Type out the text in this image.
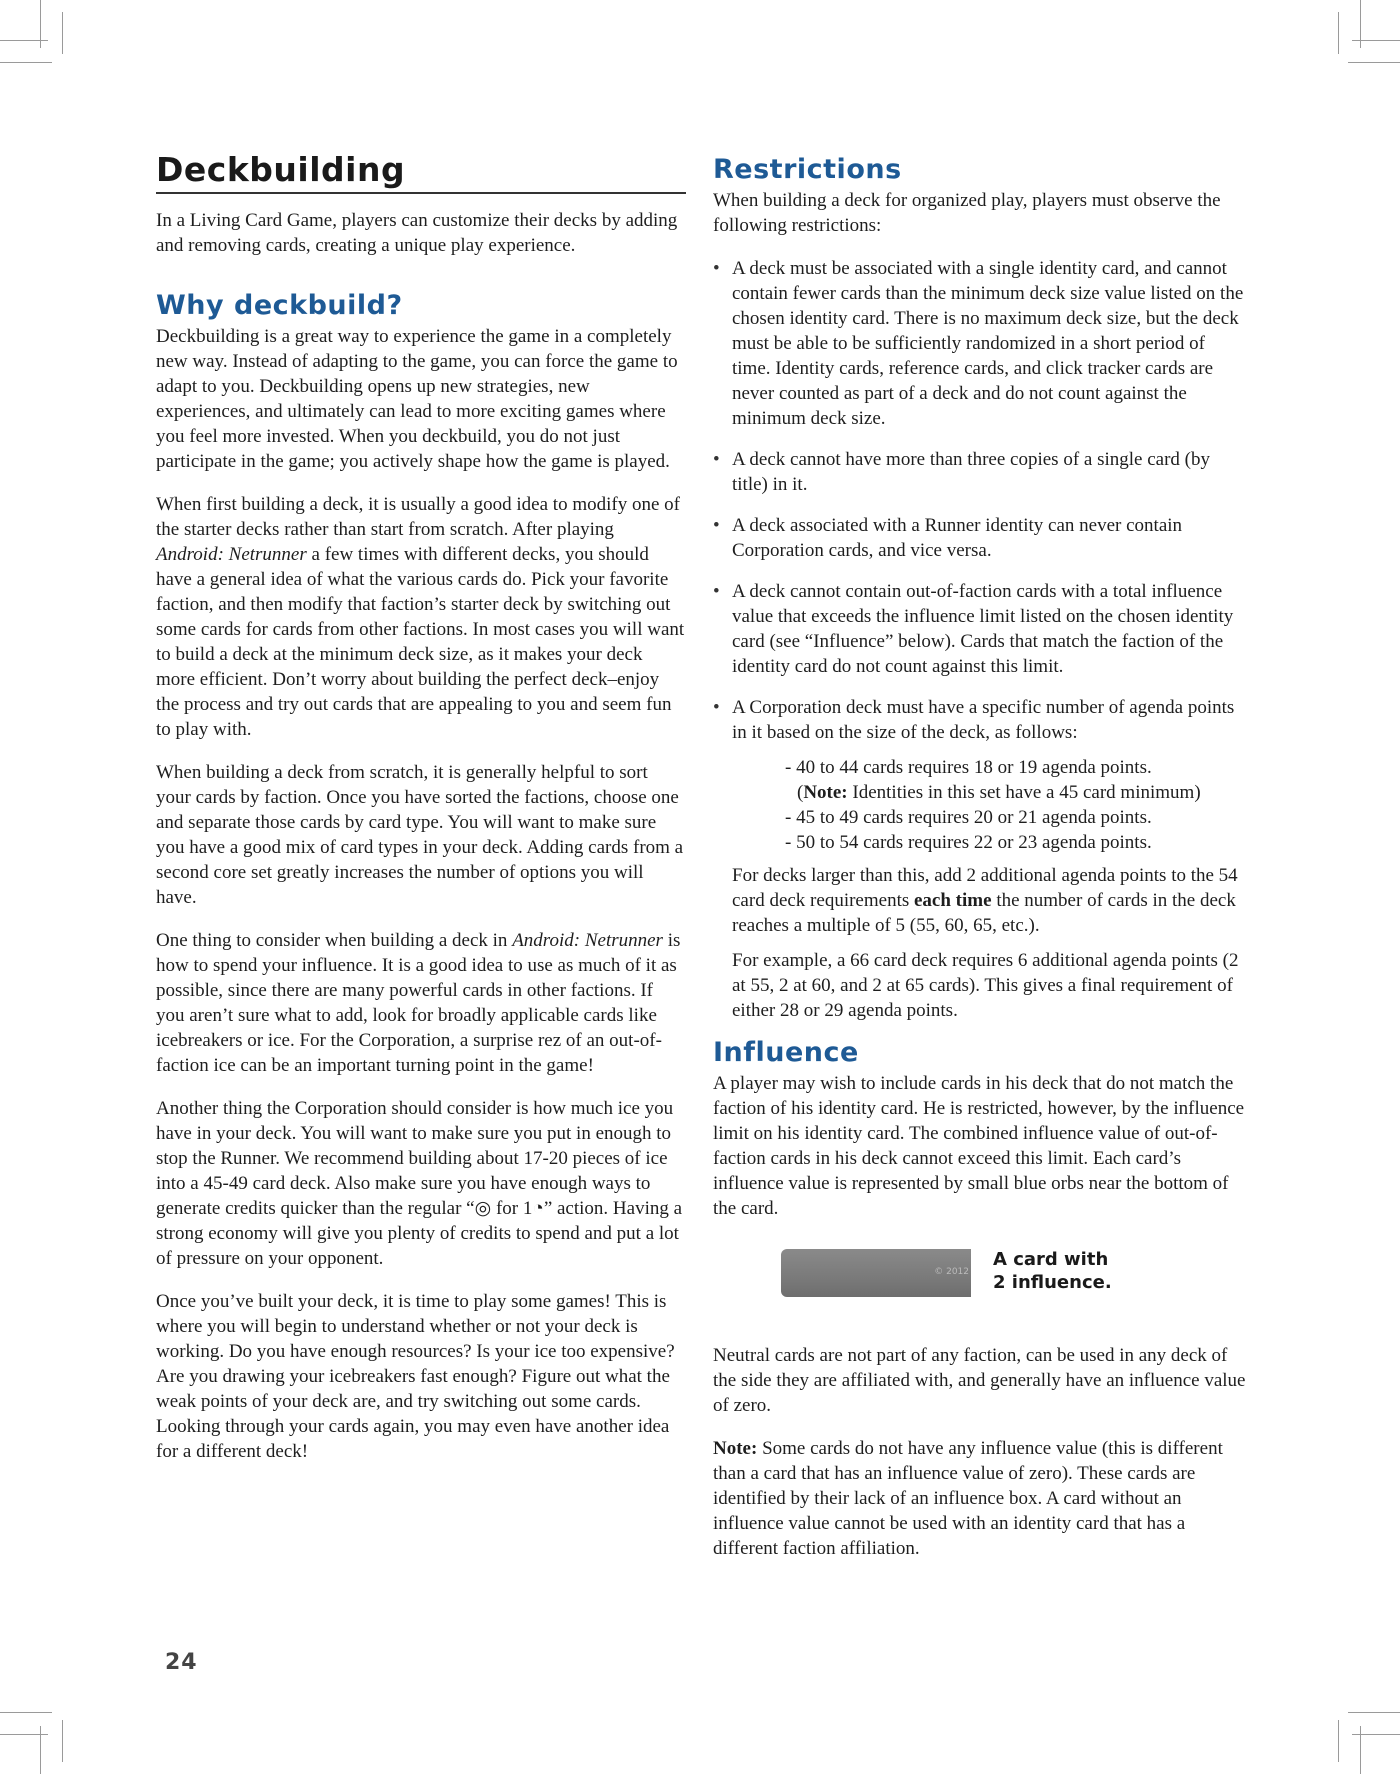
Deckbuilding

In a Living Card Game, players can customize their decks by adding and removing cards, creating a unique play experience.

Why deckbuild?

Deckbuilding is a great way to experience the game in a completely new way. Instead of adapting to the game, you can force the game to adapt to you. Deckbuilding opens up new strategies, new experiences, and ultimately can lead to more exciting games where you feel more invested. When you deckbuild, you do not just participate in the game; you actively shape how the game is played.

When first building a deck, it is usually a good idea to modify one of the starter decks rather than start from scratch. After playing Android: Netrunner a few times with different decks, you should have a general idea of what the various cards do. Pick your favorite faction, and then modify that faction’s starter deck by switching out some cards for cards from other factions. In most cases you will want to build a deck at the minimum deck size, as it makes your deck more efficient. Don’t worry about building the perfect deck–enjoy the process and try out cards that are appealing to you and seem fun to play with.

When building a deck from scratch, it is generally helpful to sort your cards by faction. Once you have sorted the factions, choose one and separate those cards by card type. You will want to make sure you have a good mix of card types in your deck. Adding cards from a second core set greatly increases the number of options you will have.

One thing to consider when building a deck in Android: Netrunner is how to spend your influence. It is a good idea to use as much of it as possible, since there are many powerful cards in other factions. If you aren’t sure what to add, look for broadly applicable cards like icebreakers or ice. For the Corporation, a surprise rez of an out-of-faction ice can be an important turning point in the game!

Another thing the Corporation should consider is how much ice you have in your deck. You will want to make sure you put in enough to stop the Runner. We recommend building about 17-20 pieces of ice into a 45-49 card deck. Also make sure you have enough ways to generate credits quicker than the regular “◎ for 1◔” action. Having a strong economy will give you plenty of credits to spend and put a lot of pressure on your opponent.

Once you’ve built your deck, it is time to play some games! This is where you will begin to understand whether or not your deck is working. Do you have enough resources? Is your ice too expensive? Are you drawing your icebreakers fast enough? Figure out what the weak points of your deck are, and try switching out some cards. Looking through your cards again, you may even have another idea for a different deck!

Restrictions

When building a deck for organized play, players must observe the following restrictions:

• A deck must be associated with a single identity card, and cannot contain fewer cards than the minimum deck size value listed on the chosen identity card. There is no maximum deck size, but the deck must be able to be sufficiently randomized in a short period of time. Identity cards, reference cards, and click tracker cards are never counted as part of a deck and do not count against the minimum deck size.
• A deck cannot have more than three copies of a single card (by title) in it.
• A deck associated with a Runner identity can never contain Corporation cards, and vice versa.
• A deck cannot contain out-of-faction cards with a total influence value that exceeds the influence limit listed on the chosen identity card (see “Influence” below). Cards that match the faction of the identity card do not count against this limit.
• A Corporation deck must have a specific number of agenda points in it based on the size of the deck, as follows:
- 40 to 44 cards requires 18 or 19 agenda points.
(Note: Identities in this set have a 45 card minimum)
- 45 to 49 cards requires 20 or 21 agenda points.
- 50 to 54 cards requires 22 or 23 agenda points.

For decks larger than this, add 2 additional agenda points to the 54 card deck requirements each time the number of cards in the deck reaches a multiple of 5 (55, 60, 65, etc.).

For example, a 66 card deck requires 6 additional agenda points (2 at 55, 2 at 60, and 2 at 65 cards). This gives a final requirement of either 28 or 29 agenda points.

Influence

A player may wish to include cards in his deck that do not match the faction of his identity card. He is restricted, however, by the influence limit on his identity card. The combined influence value of out-of-faction cards in his deck cannot exceed this limit. Each card’s influence value is represented by small blue orbs near the bottom of the card.

© 2012
A card with
2 influence.

Neutral cards are not part of any faction, can be used in any deck of the side they are affiliated with, and generally have an influence value of zero.

Note: Some cards do not have any influence value (this is different than a card that has an influence value of zero). These cards are identified by their lack of an influence box. A card without an influence value cannot be used with an identity card that has a different faction affiliation.

24
